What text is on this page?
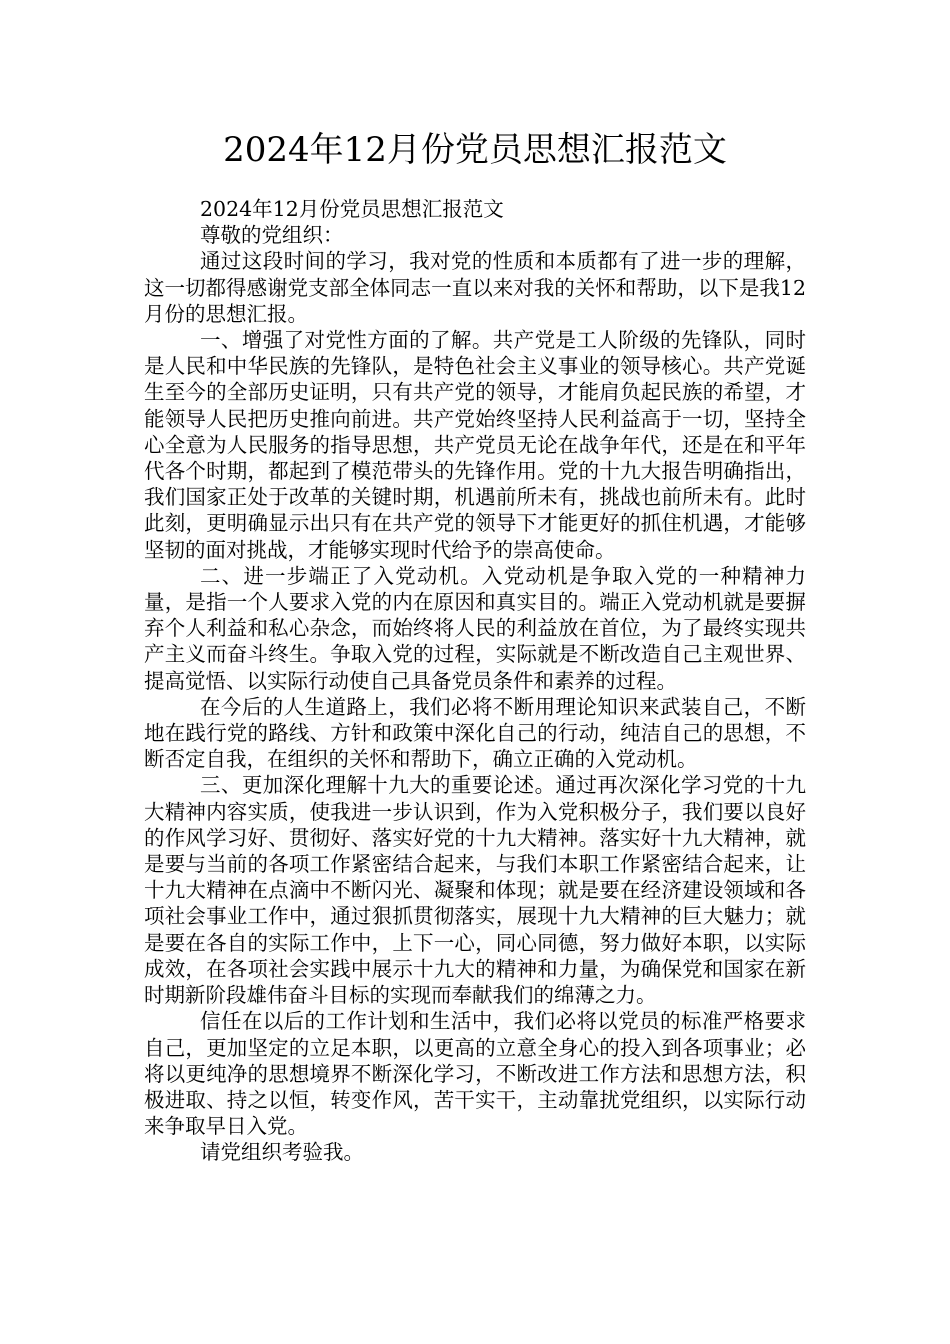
2024年12月份党员思想汇报范文

2024年12月份党员思想汇报范文

尊敬的党组织：

通过这段时间的学习，我对党的性质和本质都有了进一步的理解，这一切都得感谢党支部全体同志一直以来对我的关怀和帮助，以下是我12月份的思想汇报。

一、增强了对党性方面的了解。共产党是工人阶级的先锋队，同时是人民和中华民族的先锋队，是特色社会主义事业的领导核心。共产党诞生至今的全部历史证明，只有共产党的领导，才能肩负起民族的希望，才能领导人民把历史推向前进。共产党始终坚持人民利益高于一切，坚持全心全意为人民服务的指导思想，共产党员无论在战争年代，还是在和平年代各个时期，都起到了模范带头的先锋作用。党的十九大报告明确指出，我们国家正处于改革的关键时期，机遇前所未有，挑战也前所未有。此时此刻，更明确显示出只有在共产党的领导下才能更好的抓住机遇，才能够坚韧的面对挑战，才能够实现时代给予的崇高使命。

二、进一步端正了入党动机。入党动机是争取入党的一种精神力量，是指一个人要求入党的内在原因和真实目的。端正入党动机就是要摒弃个人利益和私心杂念，而始终将人民的利益放在首位，为了最终实现共产主义而奋斗终生。争取入党的过程，实际就是不断改造自己主观世界、提高觉悟、以实际行动使自己具备党员条件和素养的过程。

在今后的人生道路上，我们必将不断用理论知识来武装自己，不断地在践行党的路线、方针和政策中深化自己的行动，纯洁自己的思想，不断否定自我，在组织的关怀和帮助下，确立正确的入党动机。

三、更加深化理解十九大的重要论述。通过再次深化学习党的十九大精神内容实质，使我进一步认识到，作为入党积极分子，我们要以良好的作风学习好、贯彻好、落实好党的十九大精神。落实好十九大精神，就是要与当前的各项工作紧密结合起来，与我们本职工作紧密结合起来，让十九大精神在点滴中不断闪光、凝聚和体现；就是要在经济建设领域和各项社会事业工作中，通过狠抓贯彻落实，展现十九大精神的巨大魅力；就是要在各自的实际工作中，上下一心，同心同德，努力做好本职，以实际成效，在各项社会实践中展示十九大的精神和力量，为确保党和国家在新时期新阶段雄伟奋斗目标的实现而奉献我们的绵薄之力。

信任在以后的工作计划和生活中，我们必将以党员的标准严格要求自己，更加坚定的立足本职，以更高的立意全身心的投入到各项事业；必将以更纯净的思想境界不断深化学习，不断改进工作方法和思想方法，积极进取、持之以恒，转变作风，苦干实干，主动靠扰党组织，以实际行动来争取早日入党。

请党组织考验我。
